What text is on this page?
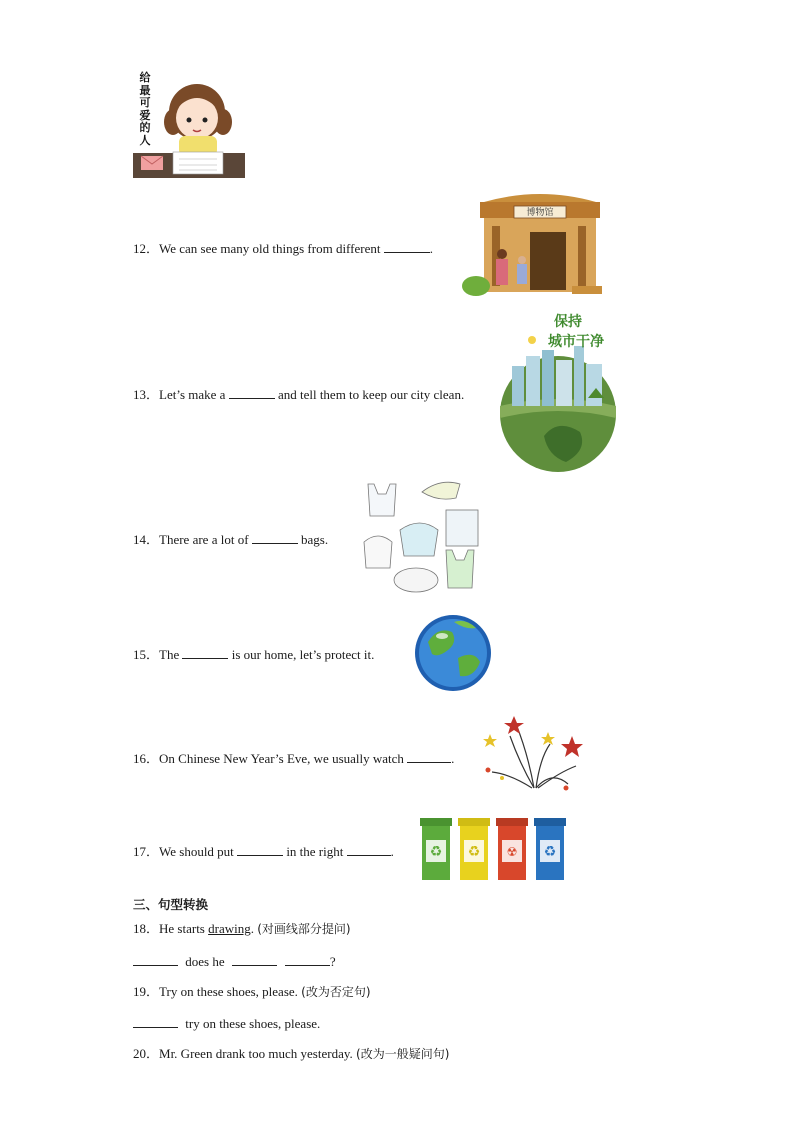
给
最
可
爱
的
人
12．We can see many old things from different	.
博物馆
13．Let’s make a	and tell them to keep our city clean.
保持
城市干净
14．There are a lot of	bags.
15．The	is our home, let’s protect it.
16．On Chinese New Year’s Eve, we usually watch	.
17．We should put	in the right	.	♻ ♻ ☢ ♻
三、句型转换
18．He starts drawing. (对画线部分提问)
does he	?
19．Try on these shoes, please. (改为否定句)
try on these shoes, please.
20．Mr. Green drank too much yesterday. (改为一般疑问句)
